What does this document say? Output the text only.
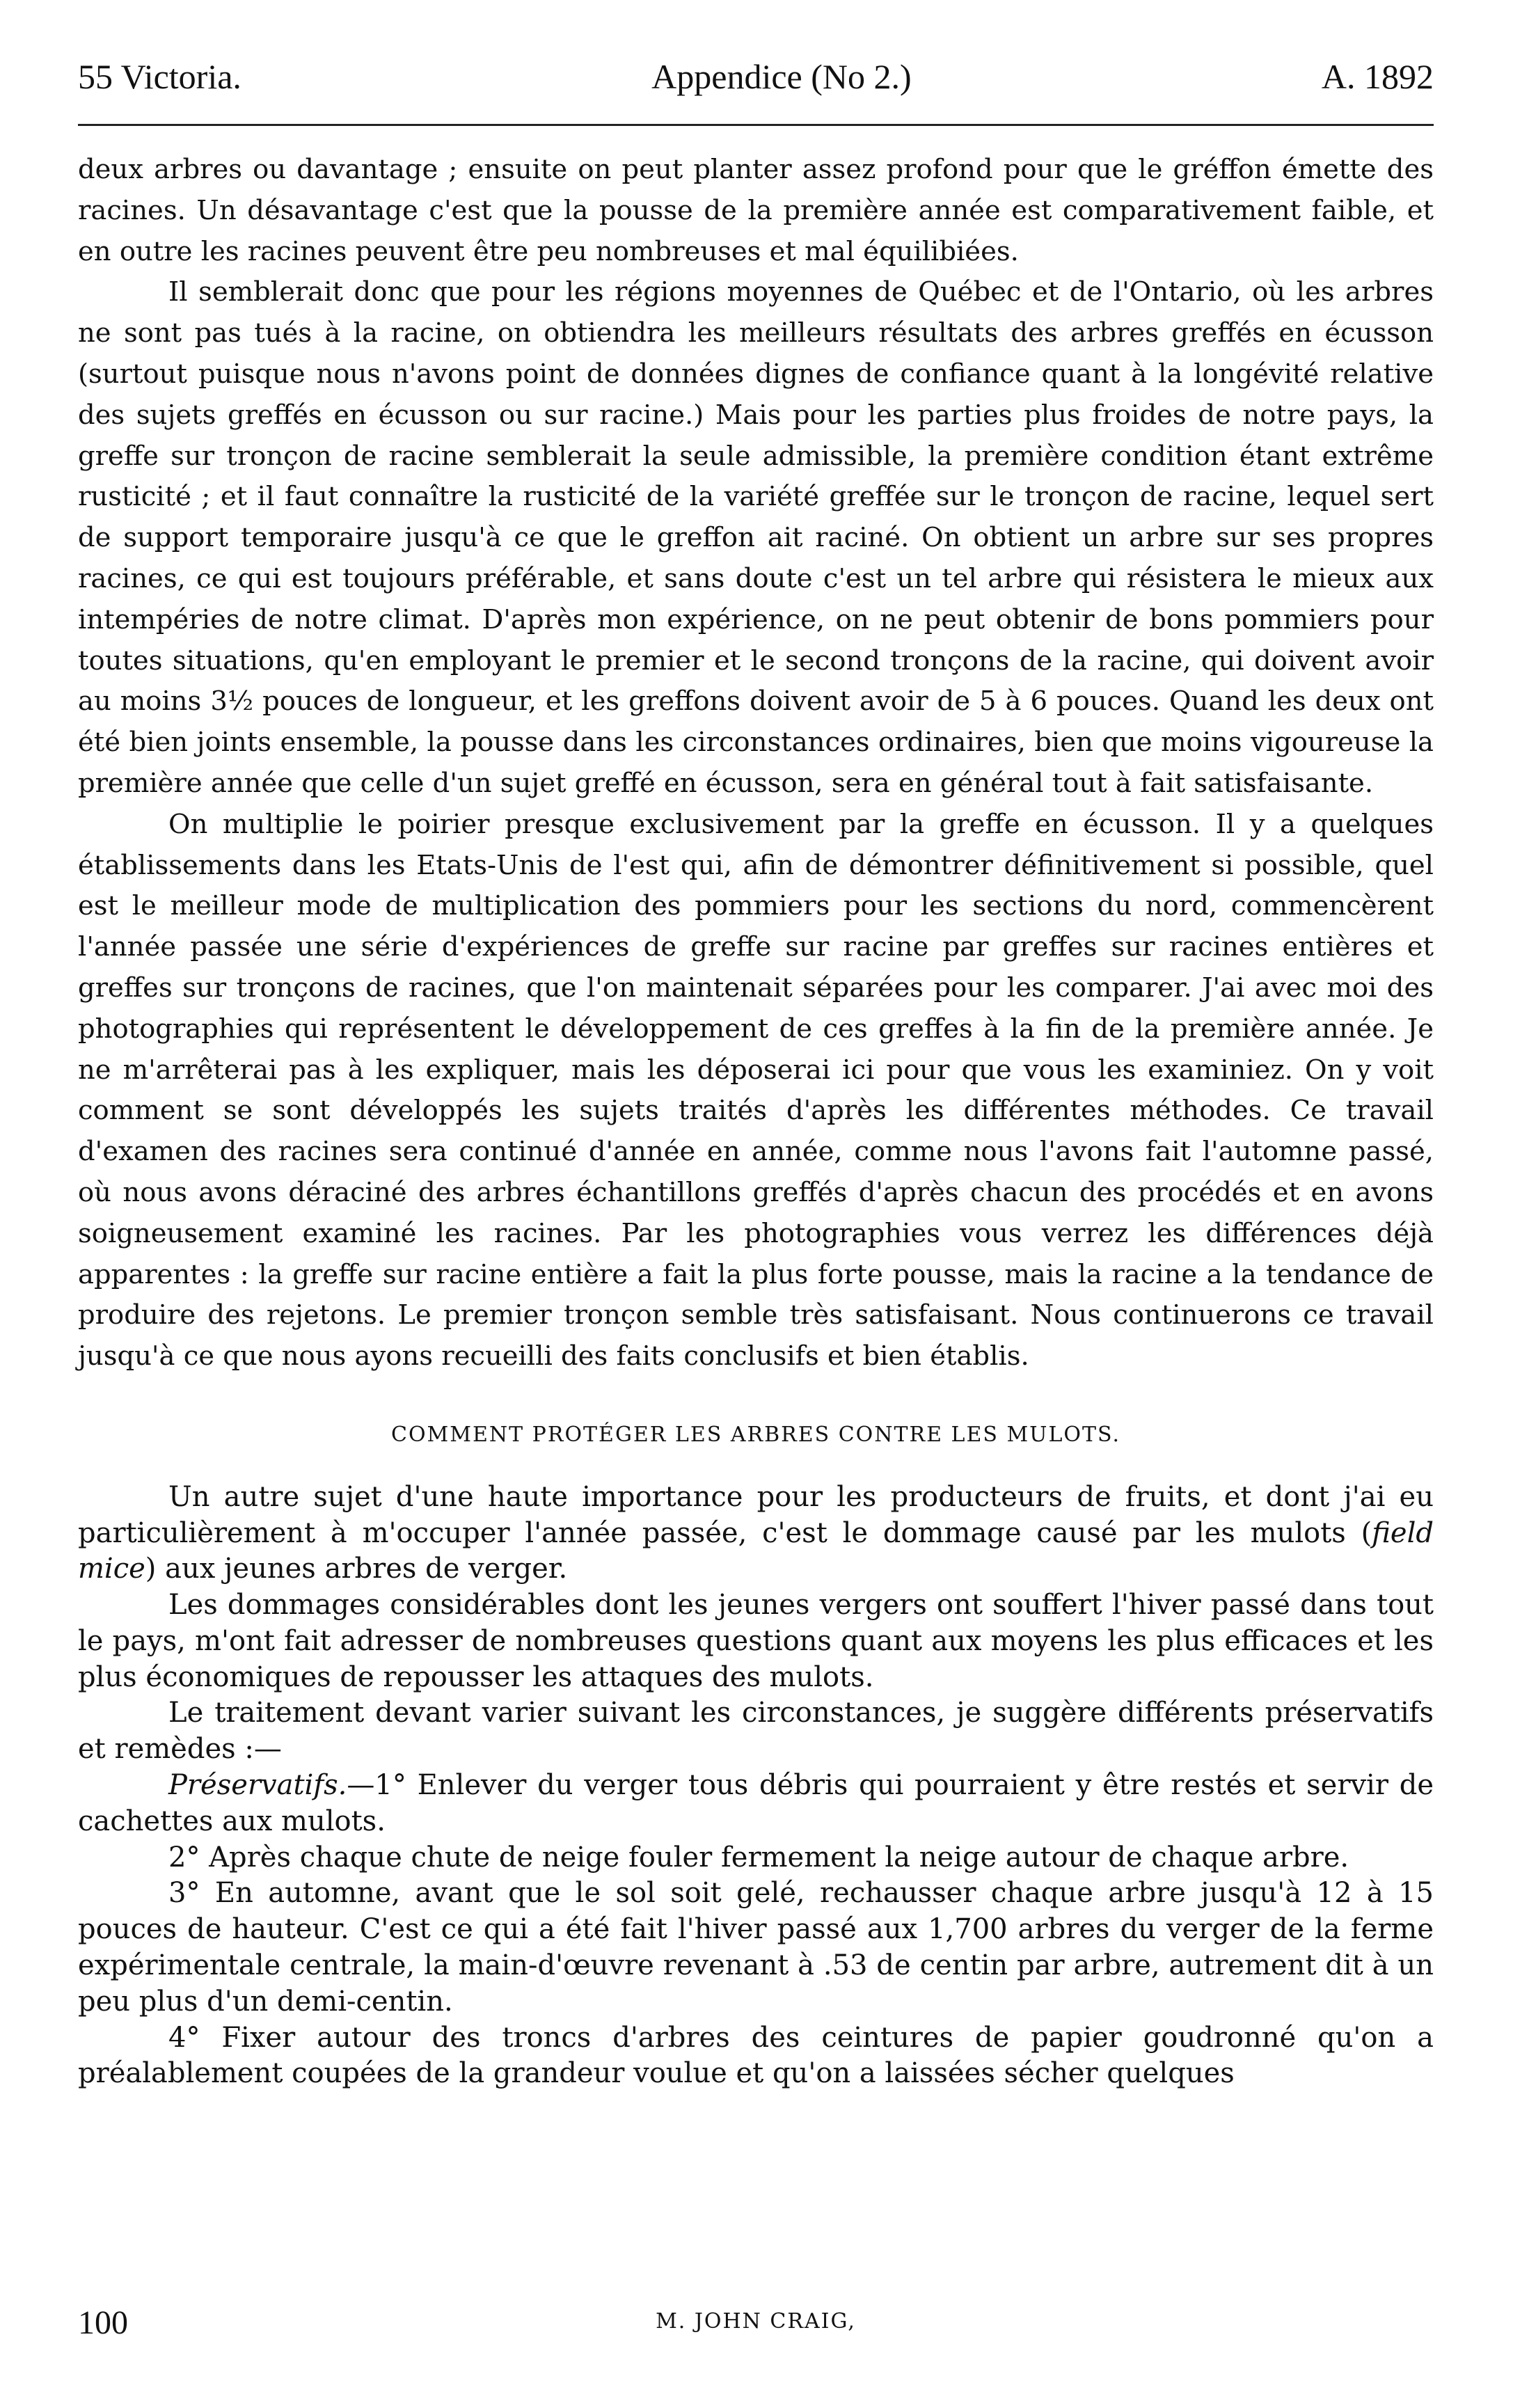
55 Victoria.	Appendice (No 2.)	A. 1892

deux arbres ou davantage ; ensuite on peut planter assez profond pour que le gréffon émette des racines. Un désavantage c'est que la pousse de la première année est comparativement faible, et en outre les racines peuvent être peu nombreuses et mal équilibiées.

Il semblerait donc que pour les régions moyennes de Québec et de l'Ontario, où les arbres ne sont pas tués à la racine, on obtiendra les meilleurs résultats des arbres greffés en écusson (surtout puisque nous n'avons point de données dignes de confiance quant à la longévité relative des sujets greffés en écusson ou sur racine.) Mais pour les parties plus froides de notre pays, la greffe sur tronçon de racine semblerait la seule admissible, la première condition étant extrême rusticité ; et il faut connaître la rusticité de la variété greffée sur le tronçon de racine, lequel sert de support temporaire jusqu'à ce que le greffon ait raciné. On obtient un arbre sur ses propres racines, ce qui est toujours préférable, et sans doute c'est un tel arbre qui résistera le mieux aux intempéries de notre climat. D'après mon expérience, on ne peut obtenir de bons pommiers pour toutes situations, qu'en employant le premier et le second tronçons de la racine, qui doivent avoir au moins 3½ pouces de longueur, et les greffons doivent avoir de 5 à 6 pouces. Quand les deux ont été bien joints ensemble, la pousse dans les circonstances ordinaires, bien que moins vigoureuse la première année que celle d'un sujet greffé en écusson, sera en général tout à fait satisfaisante.

On multiplie le poirier presque exclusivement par la greffe en écusson. Il y a quelques établissements dans les Etats-Unis de l'est qui, afin de démontrer définitivement si possible, quel est le meilleur mode de multiplication des pommiers pour les sections du nord, commencèrent l'année passée une série d'expériences de greffe sur racine par greffes sur racines entières et greffes sur tronçons de racines, que l'on maintenait séparées pour les comparer. J'ai avec moi des photographies qui représentent le développement de ces greffes à la fin de la première année. Je ne m'arrêterai pas à les expliquer, mais les déposerai ici pour que vous les examiniez. On y voit comment se sont développés les sujets traités d'après les différentes méthodes. Ce travail d'examen des racines sera continué d'année en année, comme nous l'avons fait l'automne passé, où nous avons déraciné des arbres échantillons greffés d'après chacun des procédés et en avons soigneusement examiné les racines. Par les photographies vous verrez les différences déjà apparentes : la greffe sur racine entière a fait la plus forte pousse, mais la racine a la tendance de produire des rejetons. Le premier tronçon semble très satisfaisant. Nous continuerons ce travail jusqu'à ce que nous ayons recueilli des faits conclusifs et bien établis.

COMMENT PROTÉGER LES ARBRES CONTRE LES MULOTS.

Un autre sujet d'une haute importance pour les producteurs de fruits, et dont j'ai eu particulièrement à m'occuper l'année passée, c'est le dommage causé par les mulots (field mice) aux jeunes arbres de verger.

Les dommages considérables dont les jeunes vergers ont souffert l'hiver passé dans tout le pays, m'ont fait adresser de nombreuses questions quant aux moyens les plus efficaces et les plus économiques de repousser les attaques des mulots.

Le traitement devant varier suivant les circonstances, je suggère différents préservatifs et remèdes :—

Préservatifs.—1° Enlever du verger tous débris qui pourraient y être restés et servir de cachettes aux mulots.

2° Après chaque chute de neige fouler fermement la neige autour de chaque arbre.

3° En automne, avant que le sol soit gelé, rechausser chaque arbre jusqu'à 12 à 15 pouces de hauteur. C'est ce qui a été fait l'hiver passé aux 1,700 arbres du verger de la ferme expérimentale centrale, la main-d'œuvre revenant à .53 de centin par arbre, autrement dit à un peu plus d'un demi-centin.

4° Fixer autour des troncs d'arbres des ceintures de papier goudronné qu'on a préalablement coupées de la grandeur voulue et qu'on a laissées sécher quelques

100	M. JOHN CRAIG,
